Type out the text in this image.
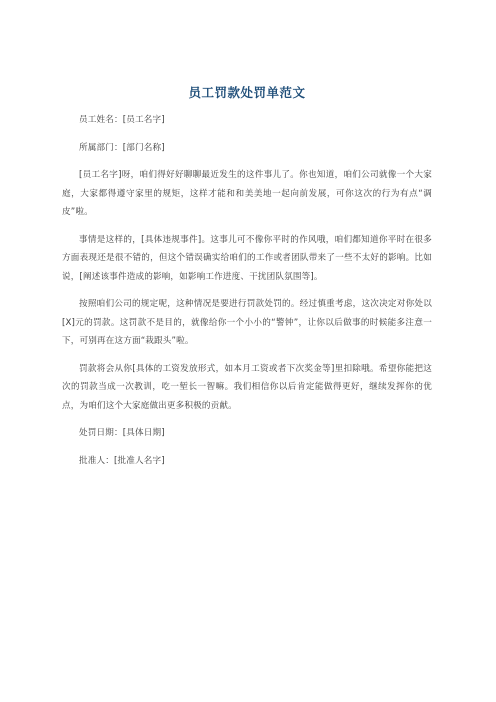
员工罚款处罚单范文

员工姓名：[员工名字]

所属部门：[部门名称]

[员工名字]呀，咱们得好好聊聊最近发生的这件事儿了。你也知道，咱们公司就像一个大家庭，大家都得遵守家里的规矩，这样才能和和美美地一起向前发展，可你这次的行为有点“调皮”啦。

事情是这样的，[具体违规事件]。这事儿可不像你平时的作风哦，咱们都知道你平时在很多方面表现还是很不错的，但这个错误确实给咱们的工作或者团队带来了一些不太好的影响。比如说，[阐述该事件造成的影响，如影响工作进度、干扰团队氛围等]。

按照咱们公司的规定呢，这种情况是要进行罚款处罚的。经过慎重考虑，这次决定对你处以[X]元的罚款。这罚款不是目的，就像给你一个小小的“警钟”，让你以后做事的时候能多注意一下，可别再在这方面“栽跟头”啦。

罚款将会从你[具体的工资发放形式，如本月工资或者下次奖金等]里扣除哦。希望你能把这次的罚款当成一次教训，吃一堑长一智嘛。我们相信你以后肯定能做得更好，继续发挥你的优点，为咱们这个大家庭做出更多积极的贡献。

处罚日期：[具体日期]

批准人：[批准人名字]
